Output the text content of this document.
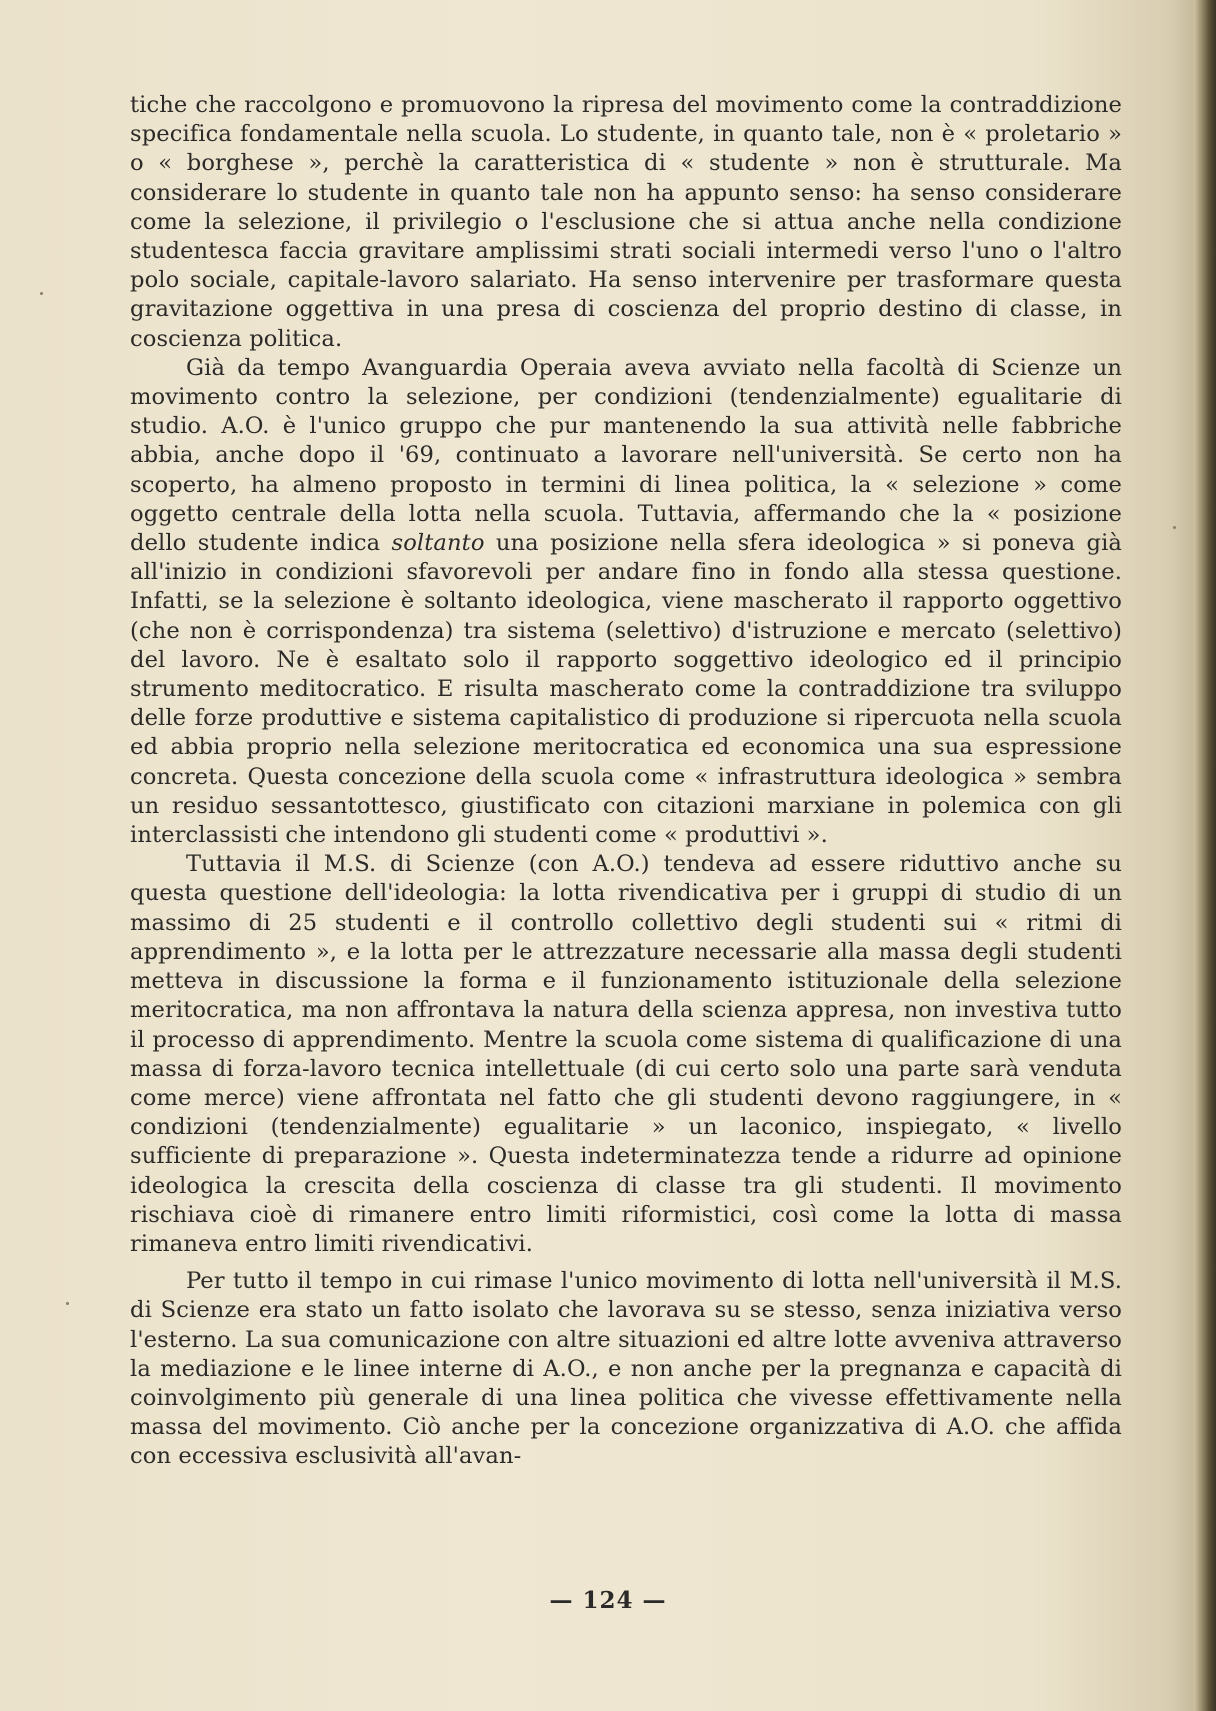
tiche che raccolgono e promuovono la ripresa del movimento come la contraddizione specifica fondamentale nella scuola. Lo studente, in quanto tale, non è « proletario » o « borghese », perchè la caratteristica di « studente » non è strutturale. Ma considerare lo studente in quanto tale non ha appunto senso: ha senso considerare come la selezione, il privilegio o l'esclusione che si attua anche nella condizione studentesca faccia gravitare amplissimi strati sociali intermedi verso l'uno o l'altro polo sociale, capitale-lavoro salariato. Ha senso intervenire per trasformare questa gravitazione oggettiva in una presa di coscienza del proprio destino di classe, in coscienza politica.

Già da tempo Avanguardia Operaia aveva avviato nella facoltà di Scienze un movimento contro la selezione, per condizioni (tendenzialmente) egualitarie di studio. A.O. è l'unico gruppo che pur mantenendo la sua attività nelle fabbriche abbia, anche dopo il '69, continuato a lavorare nell'università. Se certo non ha scoperto, ha almeno proposto in termini di linea politica, la « selezione » come oggetto centrale della lotta nella scuola. Tuttavia, affermando che la « posizione dello studente indica soltanto una posizione nella sfera ideologica » si poneva già all'inizio in condizioni sfavorevoli per andare fino in fondo alla stessa questione. Infatti, se la selezione è soltanto ideologica, viene mascherato il rapporto oggettivo (che non è corrispondenza) tra sistema (selettivo) d'istruzione e mercato (selettivo) del lavoro. Ne è esaltato solo il rapporto soggettivo ideologico ed il principio strumento meditocratico. E risulta mascherato come la contraddizione tra sviluppo delle forze produttive e sistema capitalistico di produzione si ripercuota nella scuola ed abbia proprio nella selezione meritocratica ed economica una sua espressione concreta. Questa concezione della scuola come « infrastruttura ideologica » sembra un residuo sessantottesco, giustificato con citazioni marxiane in polemica con gli interclassisti che intendono gli studenti come « produttivi ».

Tuttavia il M.S. di Scienze (con A.O.) tendeva ad essere riduttivo anche su questa questione dell'ideologia: la lotta rivendicativa per i gruppi di studio di un massimo di 25 studenti e il controllo collettivo degli studenti sui « ritmi di apprendimento », e la lotta per le attrezzature necessarie alla massa degli studenti metteva in discussione la forma e il funzionamento istituzionale della selezione meritocratica, ma non affrontava la natura della scienza appresa, non investiva tutto il processo di apprendimento. Mentre la scuola come sistema di qualificazione di una massa di forza-lavoro tecnica intellettuale (di cui certo solo una parte sarà venduta come merce) viene affrontata nel fatto che gli studenti devono raggiungere, in « condizioni (tendenzialmente) egualitarie » un laconico, inspiegato, « livello sufficiente di preparazione ». Questa indeterminatezza tende a ridurre ad opinione ideologica la crescita della coscienza di classe tra gli studenti. Il movimento rischiava cioè di rimanere entro limiti riformistici, così come la lotta di massa rimaneva entro limiti rivendicativi.

Per tutto il tempo in cui rimase l'unico movimento di lotta nell'università il M.S. di Scienze era stato un fatto isolato che lavorava su se stesso, senza iniziativa verso l'esterno. La sua comunicazione con altre situazioni ed altre lotte avveniva attraverso la mediazione e le linee interne di A.O., e non anche per la pregnanza e capacità di coinvolgimento più generale di una linea politica che vivesse effettivamente nella massa del movimento. Ciò anche per la concezione organizzativa di A.O. che affida con eccessiva esclusività all'avan-

— 124 —
